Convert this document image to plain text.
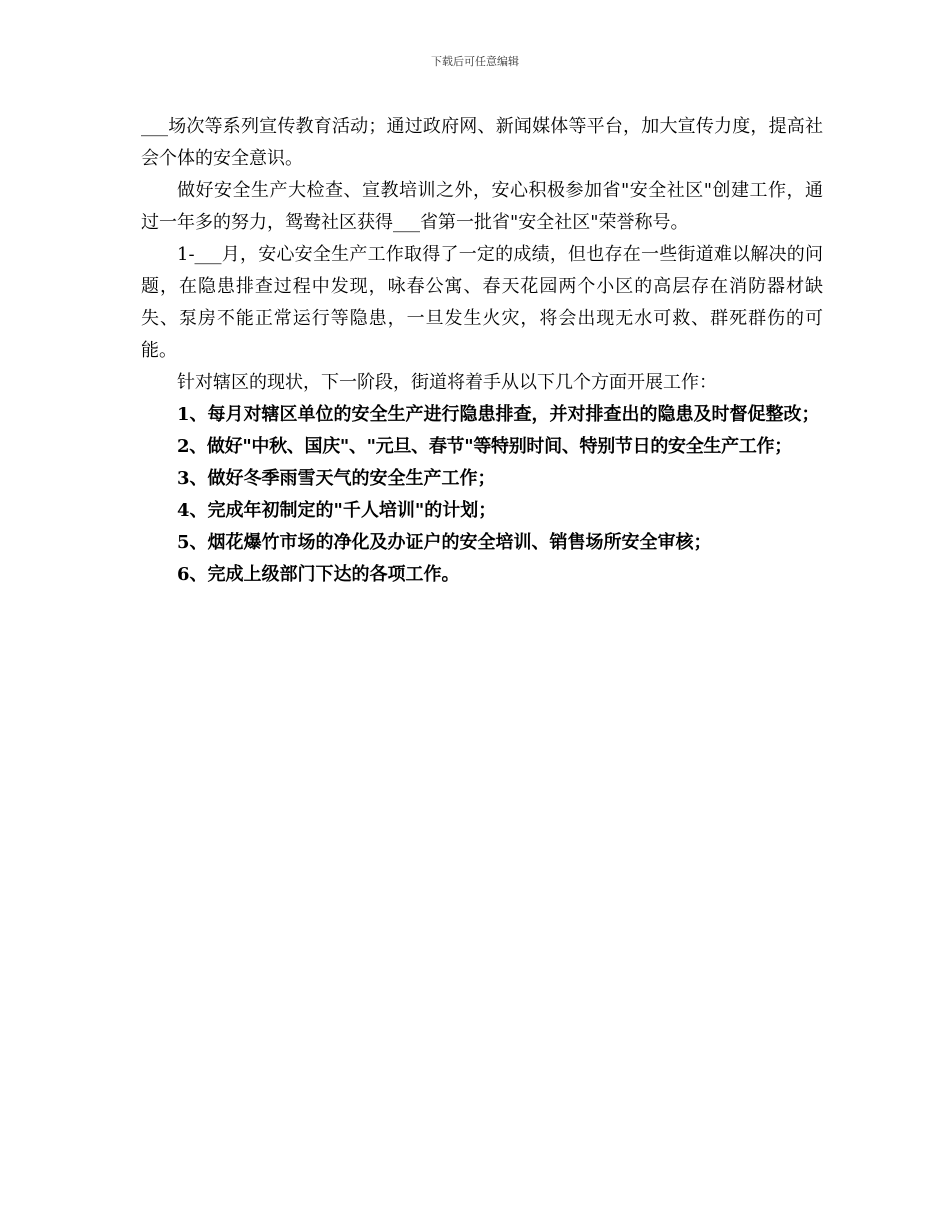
下载后可任意编辑

___场次等系列宣传教育活动；通过政府网、新闻媒体等平台，加大宣传力度，提高社会个体的安全意识。

做好安全生产大检查、宣教培训之外，安心积极参加省"安全社区"创建工作，通过一年多的努力，鸳鸯社区获得___省第一批省"安全社区"荣誉称号。

1-___月，安心安全生产工作取得了一定的成绩，但也存在一些街道难以解决的问题，在隐患排查过程中发现，咏春公寓、春天花园两个小区的高层存在消防器材缺失、泵房不能正常运行等隐患，一旦发生火灾，将会出现无水可救、群死群伤的可能。

针对辖区的现状，下一阶段，街道将着手从以下几个方面开展工作：

1、每月对辖区单位的安全生产进行隐患排查，并对排查出的隐患及时督促整改；

2、做好"中秋、国庆"、"元旦、春节"等特别时间、特别节日的安全生产工作；

3、做好冬季雨雪天气的安全生产工作；

4、完成年初制定的"千人培训"的计划；

5、烟花爆竹市场的净化及办证户的安全培训、销售场所安全审核；

6、完成上级部门下达的各项工作。
